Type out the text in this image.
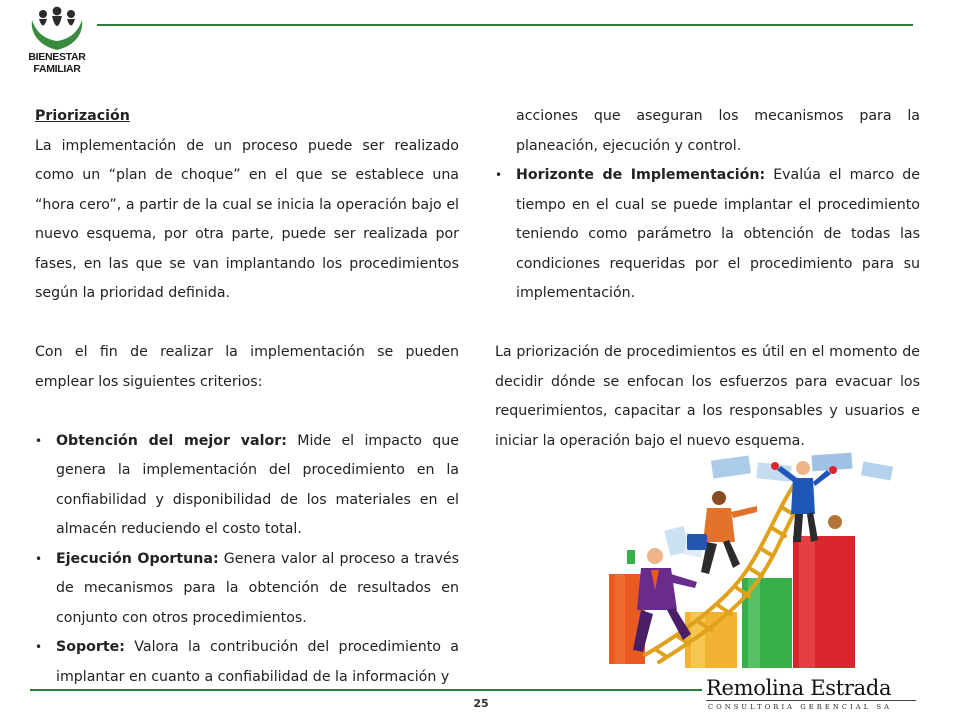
BIENESTAR
FAMILIAR

Priorización

La implementación de un proceso puede ser realizado como un “plan de choque” en el que se establece una “hora cero”, a partir de la cual se inicia la operación bajo el nuevo esquema, por otra parte, puede ser realizada por fases, en las que se van implantando los procedimientos según la prioridad definida.

Con el fin de realizar la implementación se pueden emplear los siguientes criterios:

• Obtención del mejor valor: Mide el impacto que genera la implementación del procedimiento en la confiabilidad y disponibilidad de los materiales en el almacén reduciendo el costo total.
• Ejecución Oportuna: Genera valor al proceso a través de mecanismos para la obtención de resultados en conjunto con otros procedimientos.
• Soporte: Valora la contribución del procedimiento a implantar en cuanto a confiabilidad de la información y
acciones que aseguran los mecanismos para la planeación, ejecución y control.
• Horizonte de Implementación: Evalúa el marco de tiempo en el cual se puede implantar el procedimiento teniendo como parámetro la obtención de todas las condiciones requeridas por el procedimiento para su implementación.

La priorización de procedimientos es útil en el momento de decidir dónde se enfocan los esfuerzos para evacuar los requerimientos, capacitar a los responsables y usuarios e iniciar la operación bajo el nuevo esquema.

25
Remolina Estrada
CONSULTORIA GERENCIAL SA
